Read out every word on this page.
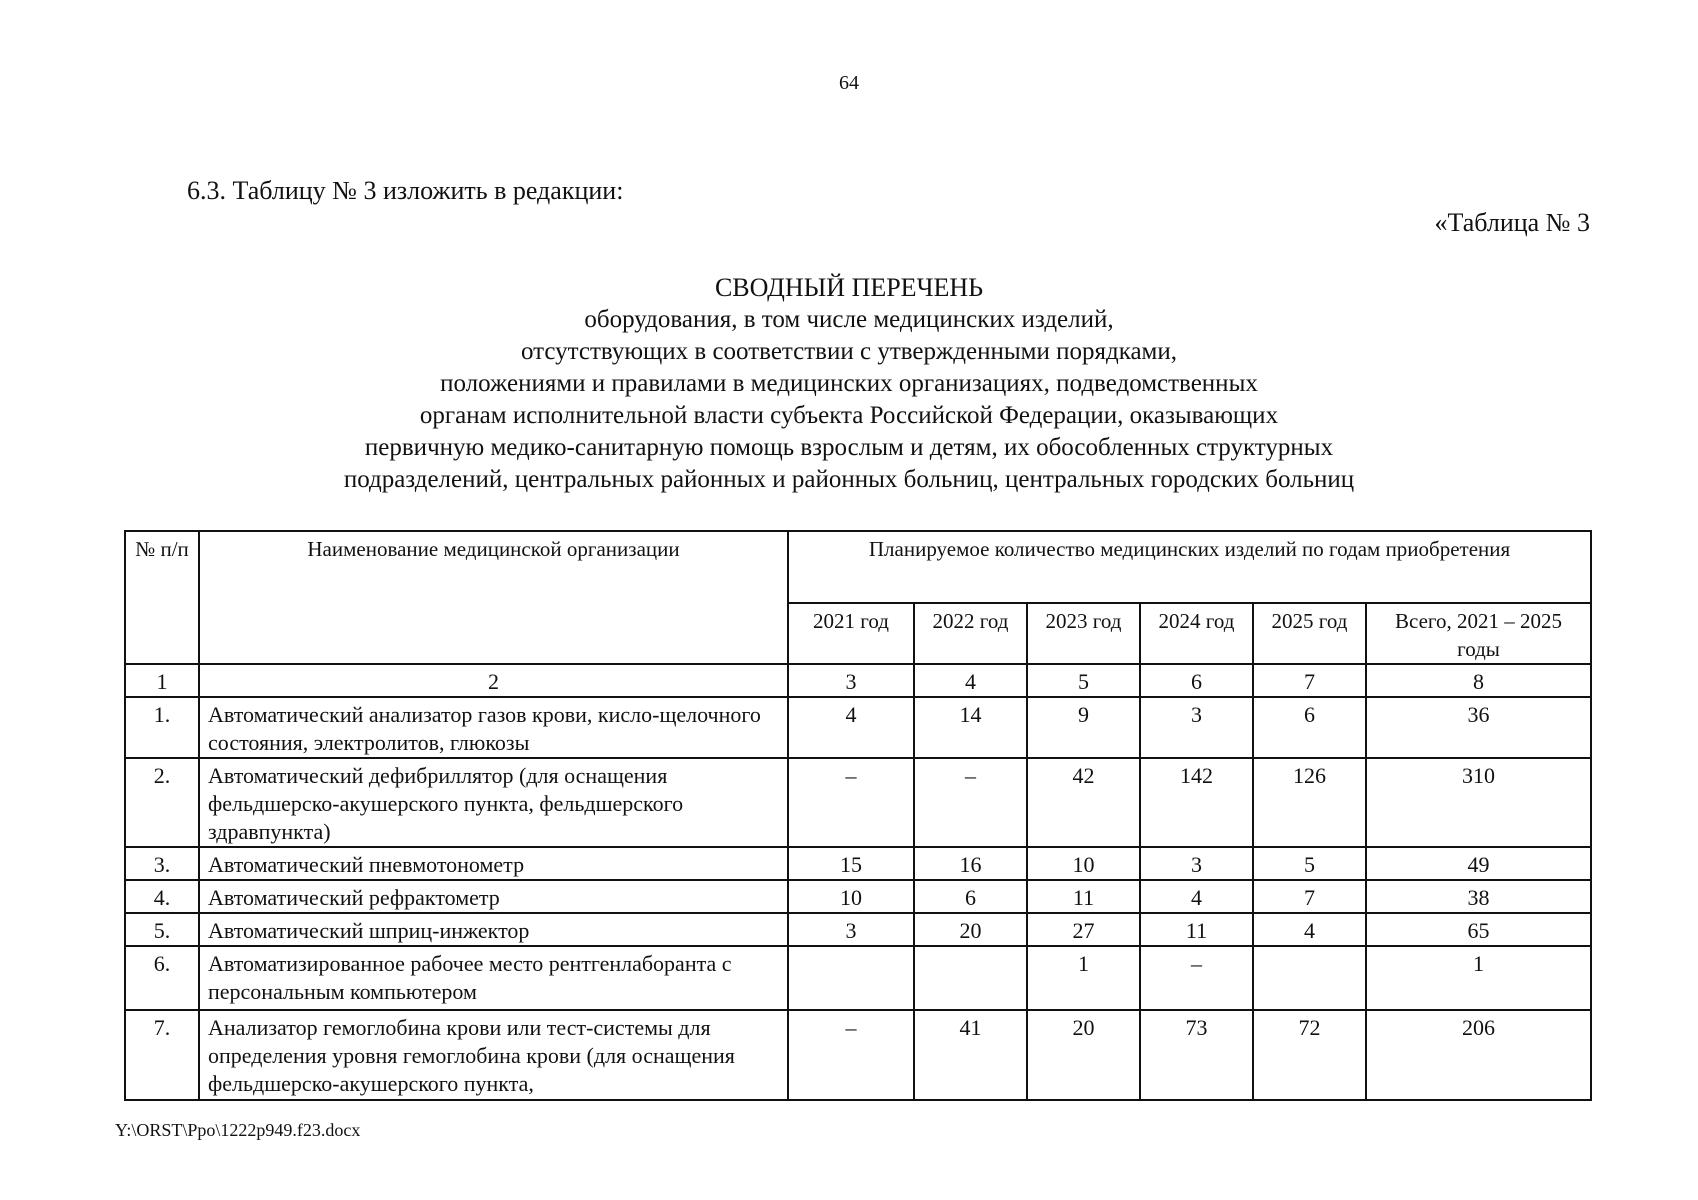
64
6.3. Таблицу № 3 изложить в редакции:
«Таблица № 3
СВОДНЫЙ ПЕРЕЧЕНЬ
оборудования, в том числе медицинских изделий,
отсутствующих в соответствии с утвержденными порядками,
положениями и правилами в медицинских организациях, подведомственных
органам исполнительной власти субъекта Российской Федерации, оказывающих
первичную медико-санитарную помощь взрослым и детям, их обособленных структурных
подразделений, центральных районных и районных больниц, центральных городских больниц
№ п/п	Наименование медицинской организации	Планируемое количество медицинских изделий по годам приобретения					
		2021 год	2022 год	2023 год	2024 год	2025 год	Всего, 2021 – 2025 годы
1	2	3	4	5	6	7	8
1.	Автоматический анализатор газов крови, кисло-щелочного состояния, электролитов, глюкозы	4	14	9	3	6	36
2.	Автоматический дефибриллятор (для оснащения фельдшерско-акушерского пункта, фельдшерского здравпункта)	–	–	42	142	126	310
3.	Автоматический пневмотонометр	15	16	10	3	5	49
4.	Автоматический рефрактометр	10	6	11	4	7	38
5.	Автоматический шприц-инжектор	3	20	27	11	4	65
6.	Автоматизированное рабочее место рентгенлаборанта с персональным компьютером			1	–		1
7.	Анализатор гемоглобина крови или тест-системы для определения уровня гемоглобина крови (для оснащения фельдшерско-акушерского пункта,	–	41	20	73	72	206
Y:\ORST\Ppo\1222p949.f23.docx
